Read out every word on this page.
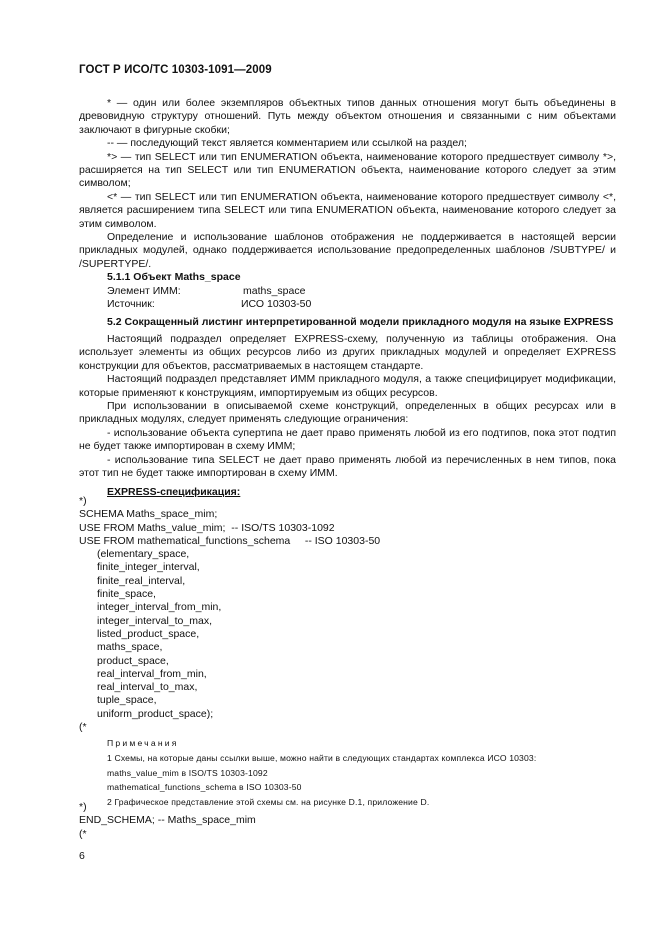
ГОСТ Р ИСО/ТС 10303-1091—2009

* — один или более экземпляров объектных типов данных отношения могут быть объединены в древовидную структуру отношений. Путь между объектом отношения и связанными с ним объектами заключают в фигурные скобки;

-- — последующий текст является комментарием или ссылкой на раздел;

*> — тип SELECT или тип ENUMERATION объекта, наименование которого предшествует символу *>, расширяется на тип SELECT или тип ENUMERATION объекта, наименование которого следует за этим символом;

<* — тип SELECT или тип ENUMERATION объекта, наименование которого предшествует символу <*, является расширением типа SELECT или типа ENUMERATION объекта, наименование которого следует за этим символом.

Определение и использование шаблонов отображения не поддерживается в настоящей версии прикладных модулей, однако поддерживается использование предопределенных шаблонов /SUBTYPE/ и /SUPERTYPE/.

5.1.1 Объект Maths_space

Элемент ИММ:	maths_space
Источник:	ИСО 10303-50

5.2 Сокращенный листинг интерпретированной модели прикладного модуля на языке EXPRESS

Настоящий подраздел определяет EXPRESS-схему, полученную из таблицы отображения. Она использует элементы из общих ресурсов либо из других прикладных модулей и определяет EXPRESS конструкции для объектов, рассматриваемых в настоящем стандарте.

Настоящий подраздел представляет ИММ прикладного модуля, а также специфицирует модификации, которые применяют к конструкциям, импортируемым из общих ресурсов.

При использовании в описываемой схеме конструкций, определенных в общих ресурсах или в прикладных модулях, следует применять следующие ограничения:

- использование объекта супертипа не дает право применять любой из его подтипов, пока этот подтип не будет также импортирован в схему ИММ;

- использование типа SELECT не дает право применять любой из перечисленных в нем типов, пока этот тип не будет также импортирован в схему ИММ.

EXPRESS-спецификация:

*)
SCHEMA Maths_space_mim;
USE FROM Maths_value_mim;  -- ISO/TS 10303-1092
USE FROM mathematical_functions_schema     -- ISO 10303-50
(elementary_space,
finite_integer_interval,
finite_real_interval,
finite_space,
integer_interval_from_min,
integer_interval_to_max,
listed_product_space,
maths_space,
product_space,
real_interval_from_min,
real_interval_to_max,
tuple_space,
uniform_product_space);
(*
Примечания
1 Схемы, на которые даны ссылки выше, можно найти в следующих стандартах комплекса ИСО 10303:
maths_value_mim в ISO/TS 10303-1092
mathematical_functions_schema в ISO 10303-50
2 Графическое представление этой схемы см. на рисунке D.1, приложение D.
*)
END_SCHEMA; -- Maths_space_mim
(*
6
